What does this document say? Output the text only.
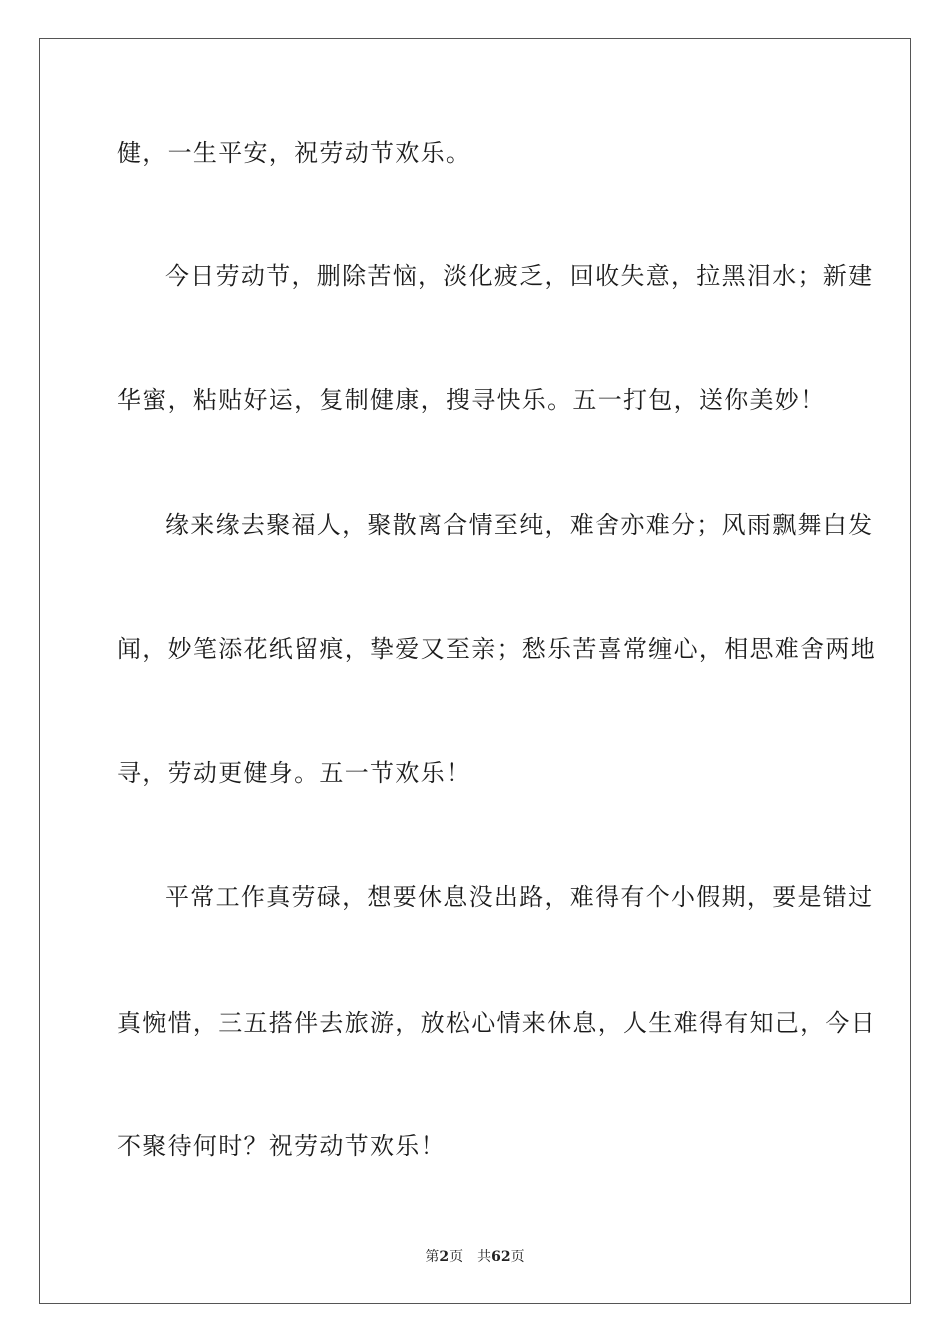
健，一生平安，祝劳动节欢乐。
今日劳动节，删除苦恼，淡化疲乏，回收失意，拉黑泪水；新建
华蜜，粘贴好运，复制健康，搜寻快乐。五一打包，送你美妙！
缘来缘去聚福人，聚散离合情至纯，难舍亦难分；风雨飘舞白发
闻，妙笔添花纸留痕，挚爱又至亲；愁乐苦喜常缠心，相思难舍两地
寻，劳动更健身。五一节欢乐！
平常工作真劳碌，想要休息没出路，难得有个小假期，要是错过
真惋惜，三五搭伴去旅游，放松心情来休息，人生难得有知己，今日
不聚待何时？祝劳动节欢乐！
第2页 共62页
